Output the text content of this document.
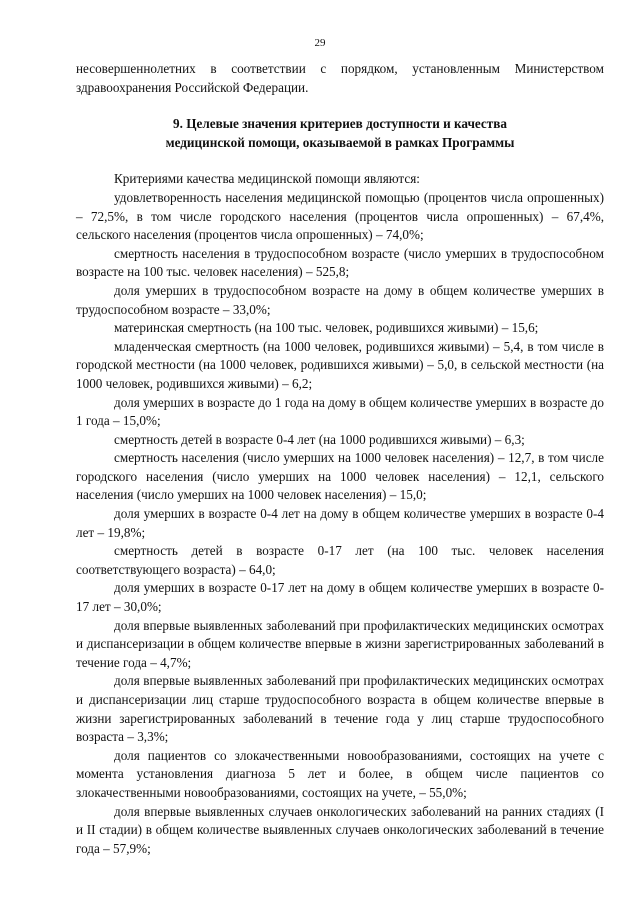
29

несовершеннолетних в соответствии с порядком, установленным Министерством здравоохранения Российской Федерации.

9. Целевые значения критериев доступности и качества
медицинской помощи, оказываемой в рамках Программы

Критериями качества медицинской помощи являются:

удовлетворенность населения медицинской помощью (процентов числа опрошенных) – 72,5%, в том числе городского населения (процентов числа опрошенных) – 67,4%, сельского населения (процентов числа опрошенных) – 74,0%;

смертность населения в трудоспособном возрасте (число умерших в трудоспособном возрасте на 100 тыс. человек населения) – 525,8;

доля умерших в трудоспособном возрасте на дому в общем количестве умерших в трудоспособном возрасте – 33,0%;

материнская смертность (на 100 тыс. человек, родившихся живыми) – 15,6;

младенческая смертность (на 1000 человек, родившихся живыми) – 5,4, в том числе в городской местности (на 1000 человек, родившихся живыми) – 5,0, в сельской местности (на 1000 человек, родившихся живыми) – 6,2;

доля умерших в возрасте до 1 года на дому в общем количестве умерших в возрасте до 1 года – 15,0%;

смертность детей в возрасте 0-4 лет (на 1000 родившихся живыми) – 6,3;

смертность населения (число умерших на 1000 человек населения) – 12,7, в том числе городского населения (число умерших на 1000 человек населения) – 12,1, сельского населения (число умерших на 1000 человек населения) – 15,0;

доля умерших в возрасте 0-4 лет на дому в общем количестве умерших в возрасте 0-4 лет – 19,8%;

смертность детей в возрасте 0-17 лет (на 100 тыс. человек населения соответствующего возраста) – 64,0;

доля умерших в возрасте 0-17 лет на дому в общем количестве умерших в возрасте 0-17 лет – 30,0%;

доля впервые выявленных заболеваний при профилактических медицинских осмотрах и диспансеризации в общем количестве впервые в жизни зарегистрированных заболеваний в течение года – 4,7%;

доля впервые выявленных заболеваний при профилактических медицинских осмотрах и диспансеризации лиц старше трудоспособного возраста в общем количестве впервые в жизни зарегистрированных заболеваний в течение года у лиц старше трудоспособного возраста – 3,3%;

доля пациентов со злокачественными новообразованиями, состоящих на учете с момента установления диагноза 5 лет и более, в общем числе пациентов со злокачественными новообразованиями, состоящих на учете, – 55,0%;

доля впервые выявленных случаев онкологических заболеваний на ранних стадиях (I и II стадии) в общем количестве выявленных случаев онкологических заболеваний в течение года – 57,9%;
